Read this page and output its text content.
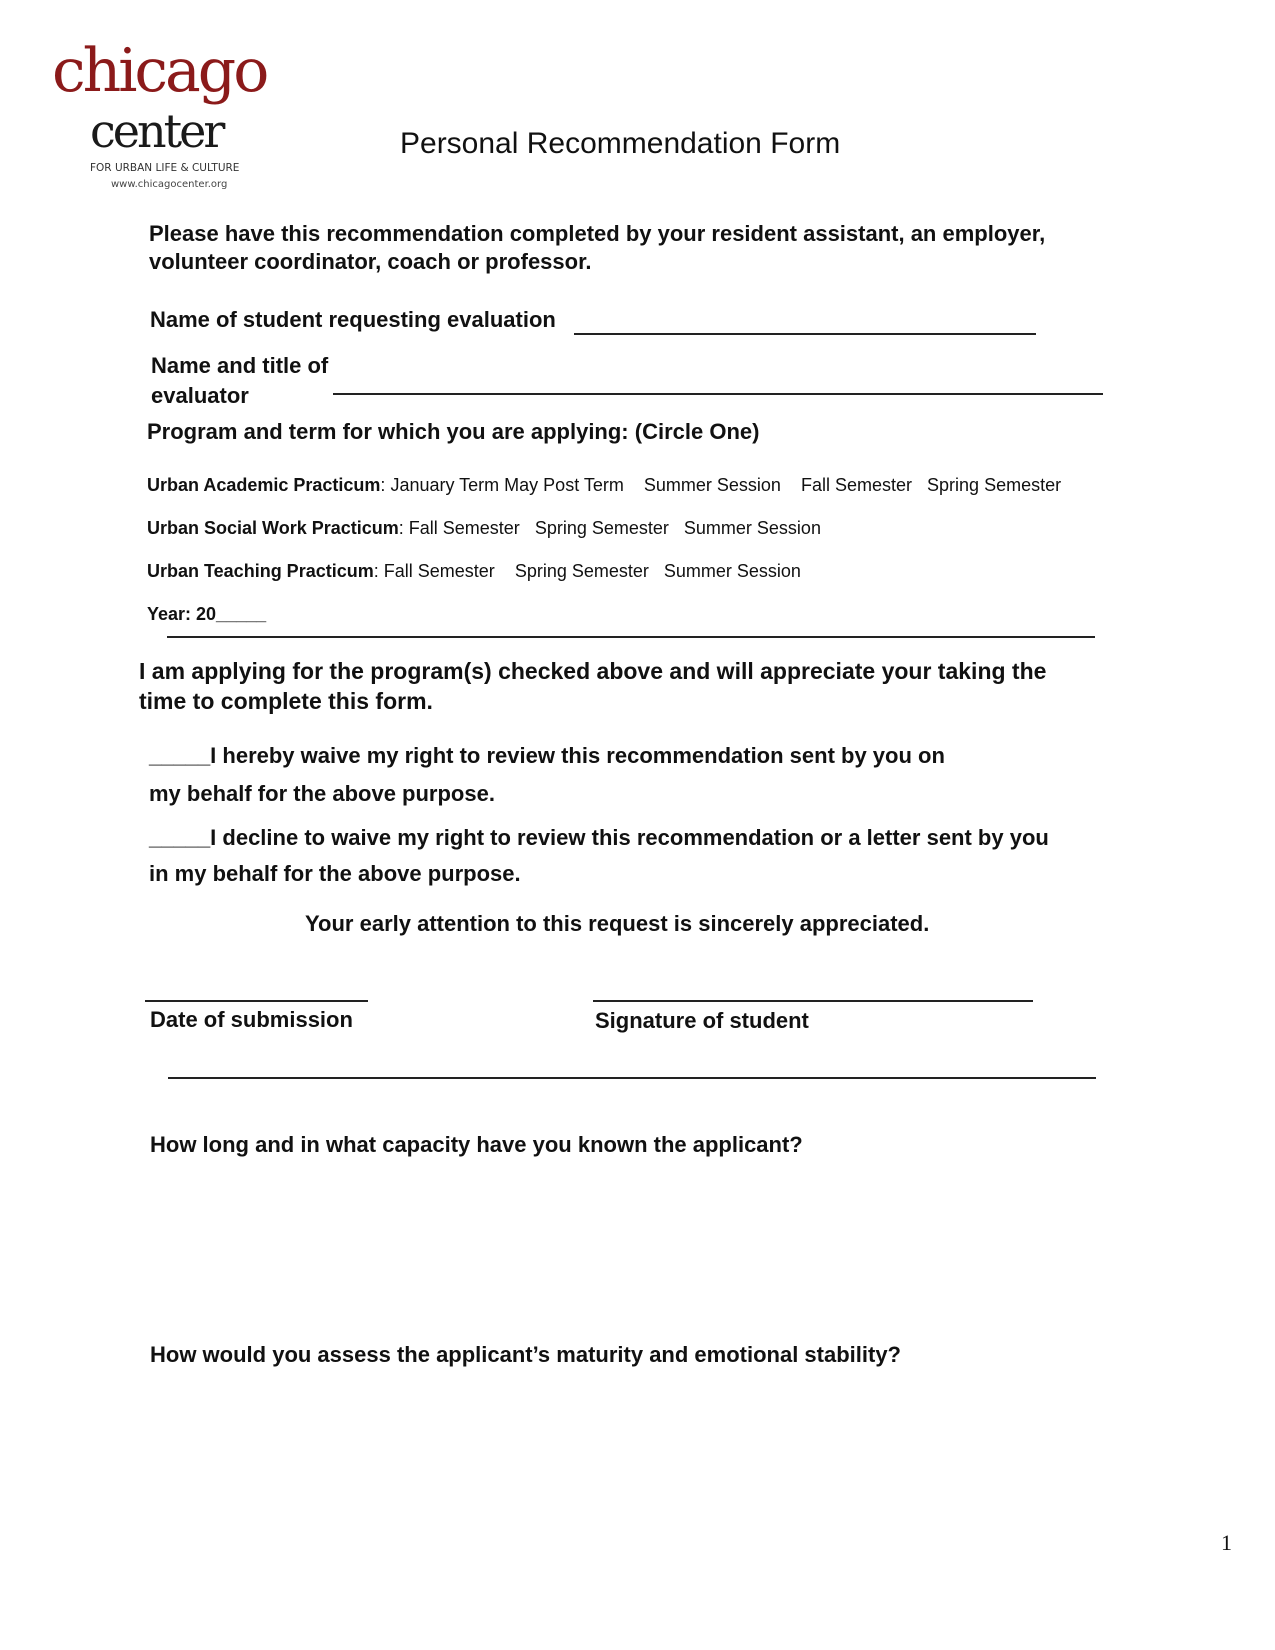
chicago
center
FOR URBAN LIFE & CULTURE
www.chicagocenter.org
Personal Recommendation Form
Please have this recommendation completed by your resident assistant, an employer, volunteer coordinator, coach or professor.
Name of student requesting evaluation
Name and title of
evaluator
Program and term for which you are applying: (Circle One)
Urban Academic Practicum: January Term May Post Term Summer Session Fall Semester Spring Semester
Urban Social Work Practicum: Fall Semester Spring Semester Summer Session
Urban Teaching Practicum: Fall Semester Spring Semester Summer Session
Year: 20_____
I am applying for the program(s) checked above and will appreciate your taking the time to complete this form.
_____I hereby waive my right to review this recommendation sent by you on
my behalf for the above purpose.
_____I decline to waive my right to review this recommendation or a letter sent by you
in my behalf for the above purpose.
Your early attention to this request is sincerely appreciated.
Date of submission	Signature of student
How long and in what capacity have you known the applicant?
How would you assess the applicant’s maturity and emotional stability?
1
